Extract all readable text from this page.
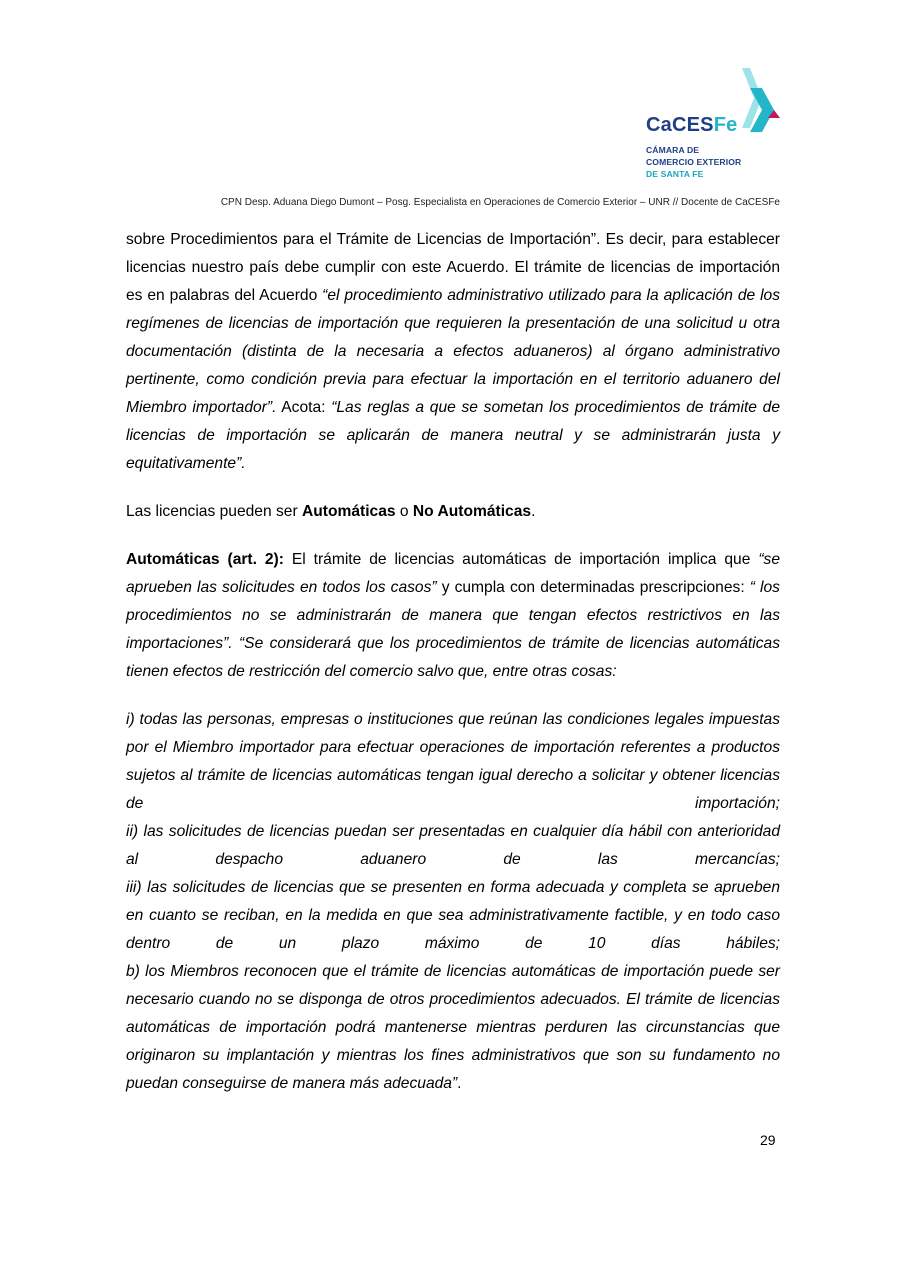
CaCESFe
CÁMARA DE
COMERCIO EXTERIOR
DE SANTA FE
CPN Desp. Aduana Diego Dumont – Posg. Especialista en Operaciones de Comercio Exterior – UNR // Docente de CaCESFe

sobre Procedimientos para el Trámite de Licencias de Importación”. Es decir, para establecer licencias nuestro país debe cumplir con este Acuerdo. El trámite de licencias de importación es en palabras del Acuerdo “el procedimiento administrativo utilizado para la aplicación de los regímenes de licencias de importación que requieren la presentación de una solicitud u otra documentación (distinta de la necesaria a efectos aduaneros) al órgano administrativo pertinente, como condición previa para efectuar la importación en el territorio aduanero del Miembro importador”. Acota: “Las reglas a que se sometan los procedimientos de trámite de licencias de importación se aplicarán de manera neutral y se administrarán justa y equitativamente”.

Las licencias pueden ser Automáticas o No Automáticas.

Automáticas (art. 2): El trámite de licencias automáticas de importación implica que “se aprueben las solicitudes en todos los casos” y cumpla con determinadas prescripciones: “ los procedimientos no se administrarán de manera que tengan efectos restrictivos en las importaciones”. “Se considerará que los procedimientos de trámite de licencias automáticas tienen efectos de restricción del comercio salvo que, entre otras cosas:

i) todas las personas, empresas o instituciones que reúnan las condiciones legales impuestas por el Miembro importador para efectuar operaciones de importación referentes a productos sujetos al trámite de licencias automáticas tengan igual derecho a solicitar y obtener licencias de importación;
ii) las solicitudes de licencias puedan ser presentadas en cualquier día hábil con anterioridad al despacho aduanero de las mercancías;
iii) las solicitudes de licencias que se presenten en forma adecuada y completa se aprueben en cuanto se reciban, en la medida en que sea administrativamente factible, y en todo caso dentro de un plazo máximo de 10 días hábiles;
b) los Miembros reconocen que el trámite de licencias automáticas de importación puede ser necesario cuando no se disponga de otros procedimientos adecuados. El trámite de licencias automáticas de importación podrá mantenerse mientras perduren las circunstancias que originaron su implantación y mientras los fines administrativos que son su fundamento no puedan conseguirse de manera más adecuada”.

29
